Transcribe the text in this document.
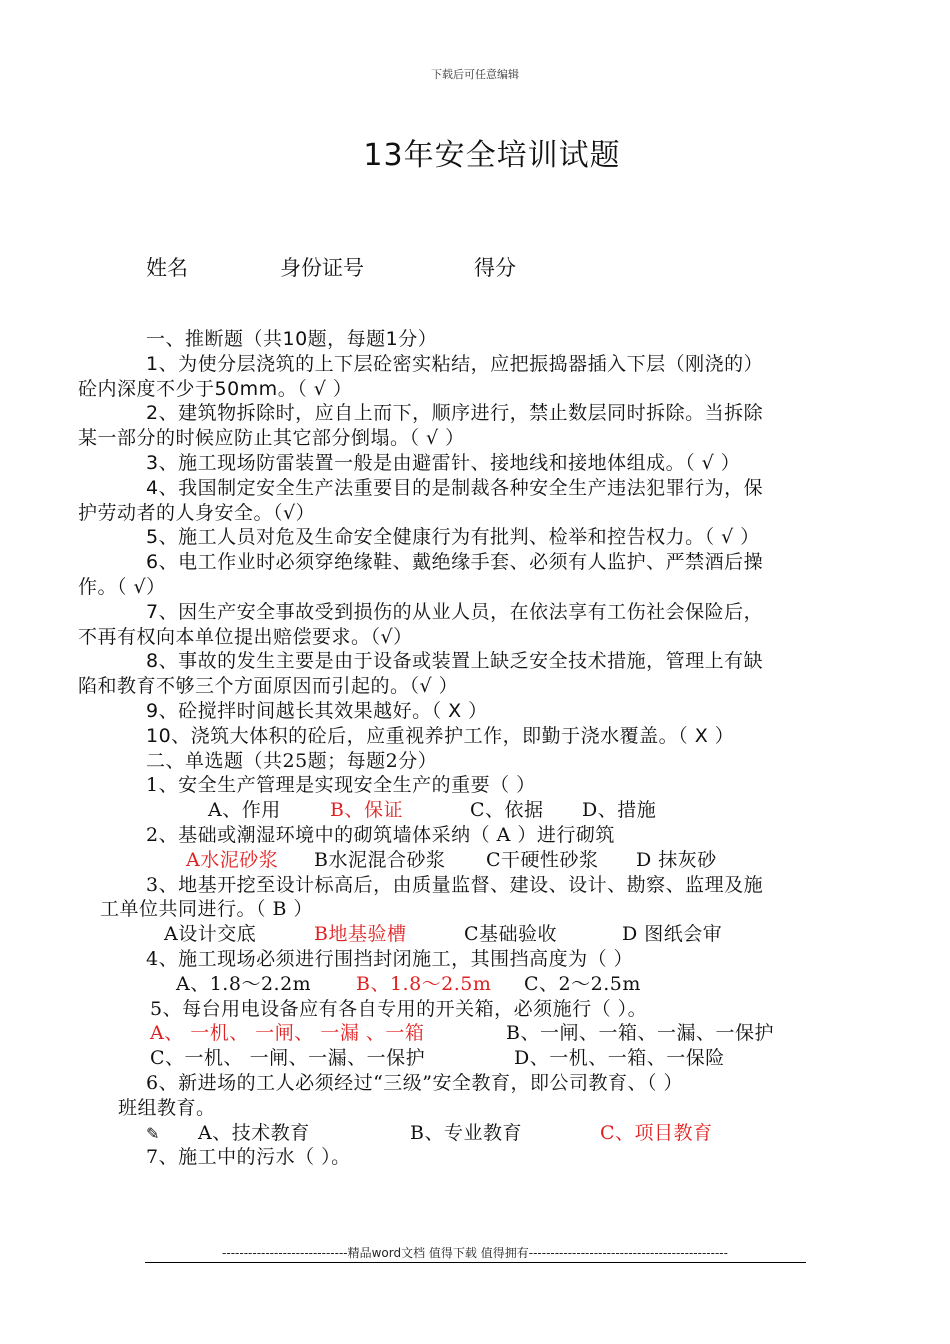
下载后可任意编辑
13年安全培训试题
姓名	身份证号	得分
一、推断题（共10题，每题1分）
1、为使分层浇筑的上下层砼密实粘结，应把振捣器插入下层（刚浇的）
砼内深度不少于50mm。（ √ ）
2、建筑物拆除时，应自上而下，顺序进行，禁止数层同时拆除。当拆除
某一部分的时候应防止其它部分倒塌。（ √ ）
3、施工现场防雷装置一般是由避雷针、接地线和接地体组成。（ √ ）
4、我国制定安全生产法重要目的是制裁各种安全生产违法犯罪行为，保
护劳动者的人身安全。（√）
5、施工人员对危及生命安全健康行为有批判、检举和控告权力。（ √ ）
6、电工作业时必须穿绝缘鞋、戴绝缘手套、必须有人监护、严禁酒后操
作。（ √）
7、因生产安全事故受到损伤的从业人员，在依法享有工伤社会保险后，
不再有权向本单位提出赔偿要求。（√）
8、事故的发生主要是由于设备或装置上缺乏安全技术措施，管理上有缺
陷和教育不够三个方面原因而引起的。（√ ）
9、砼搅拌时间越长其效果越好。（ X ）
10、浇筑大体积的砼后，应重视养护工作，即勤于浇水覆盖。（ X ）
二、单选题（共25题；每题2分）
1、安全生产管理是实现安全生产的重要（ ）
A、作用	B、保证	C、依据 D、措施
2、基础或潮湿环境中的砌筑墙体采纳（ A ）进行砌筑
A水泥砂浆 B水泥混合砂浆 C干硬性砂浆 D 抹灰砂
3、地基开挖至设计标高后，由质量监督、建设、设计、勘察、监理及施
工单位共同进行。（ B ）
A设计交底	B地基验槽	C基础验收	D 图纸会审
4、施工现场必须进行围挡封闭施工，其围挡高度为（ ）
A、1.8～2.2m B、1.8～2.5m C、2～2.5m
5、每台用电设备应有各自专用的开关箱，必须施行（ ）。
A、 一机、 一闸、 一漏 、一箱	B、一闸、一箱、一漏、一保护
C、一机、 一闸、一漏、一保护	D、一机、一箱、一保险
6、新进场的工人必须经过“三级”安全教育，即公司教育、（ ）
班组教育。
✎ A、技术教育	B、专业教育	C、项目教育
7、施工中的污水（ ）。
-----------------------------精品word文档 值得下载 值得拥有----------------------------------------------
